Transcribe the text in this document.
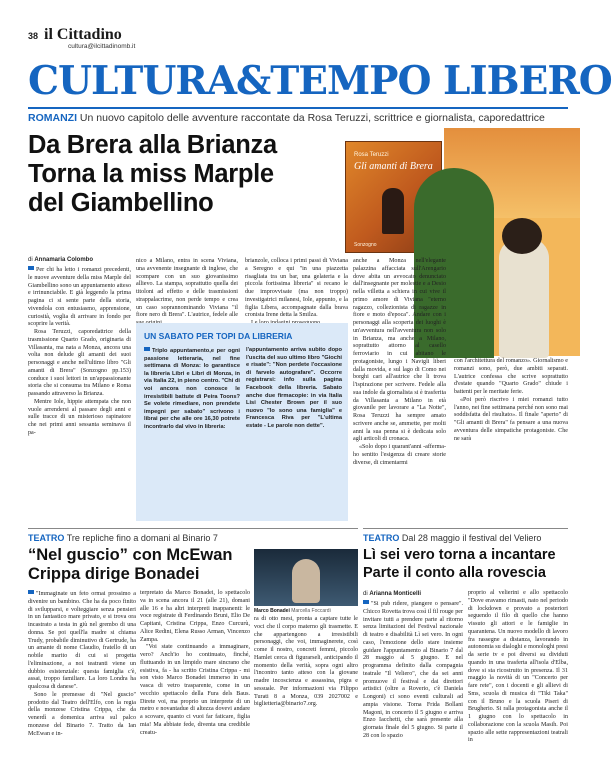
38 il Cittadino
cultura@ilcittadinomb.it
CULTURA&TEMPO LIBERO
ROMANZI Un nuovo capitolo delle avventure raccontate da Rosa Teruzzi, scrittrice e giornalista, caporedattrice
Da Brera alla Brianza
Torna la miss Marple
del Giambellino
Rosa Teruzzi
Gli amanti di Brera
Sonzogno
di Annamaria Colombo

Per chi ha letto i romanzi precedenti, le nuove avventure della miss Marple del Giambellino sono un appuntamento atteso e irrinunciabile. E già leggendo la prima pagina ci si sente parte della storia, vivendola con entusiasmo, apprensione, curiosità, voglia di arrivare in fondo per scoprire la verità.

Rosa Teruzzi, caporedattrice della trasmissione Quarto Grado, originaria di Villasanta, ma nata a Monza, ancora una volta non delude gli amanti dei suoi personaggi e anche nell'ultimo libro "Gli amanti di Brera" (Sonzogno pp.153) conduce i suoi lettori in un'appassionante storia che si consuma tra Milano e Roma passando attraverso la Brianza.

Mentre Iole, hippie attempata che non vuole arrendersi al passare degli anni e sulle tracce di un misterioso rapinatore che nei primi anni sessanta seminava il pa-

nico a Milano, entra in scena Viviana, una avvenente insegnante di inglese, che scompare con un suo giovanissimo allievo. La stampa, soprattutto quella dei titoloni ad effetto e delle trasmissioni strappalacrime, non perde tempo e crea un caso soprannominando Viviana "il fiore nero di Brera". L'autrice, fedele alle

brianzole, colloca i primi passi di Viviana a Seregno e qui "in una piazzetta risagliata tra un bar, una gelateria e la piccola fortissima libreria" si recano le due improvvisate (ma non troppo) investigatrici milanesi, Iole, appunto, e la figlia Libera, accompagnate dalla brava cronista Irene detta la Smilza.

anche a Monza nell'elegante palazzina affacciata sull'Arengario dove abita un avvocato denunciato dall'insegnante per molestie e a Desio nella villetta a schiera in cui vive il primo amore di Viviana "eterno ragazzo, collezionista di ragazze in fiore e moto d'epoca". Andare con i personaggi alla scoperta dei luoghi è un'avventura nell'avventura non solo in Brianza, ma anche a Milano, soprattutto attorno al casello ferroviario in cui abitano le protagoniste, lungo i Navigli liberi dalla movida, e sul lago di Como nei borghi cari all'autrice che li trova l'ispirazione per scrivere. Fedele alla sua indole da giornalista si è trasferita da Villasanta a Milano in età giovanile per lavorare a "La Notte", Rosa Teruzzi ha sempre amato scrivere anche se, ammette, per molti anni la sua penna si è dedicata solo agli articoli di cronaca.

«Solo dopo i quarant'anni -afferma- ho sentito l'esigenza di creare storie diverse, di cimentarmi

con l'architettura del romanzo». Giornalismo e romanzi sono, però, due ambiti separati. L'autrice confessa che scrive soprattutto d'estate quando "Quarto Grado" chiude i battenti per le meritate ferie.

«Poi però riscrivo i miei romanzi tutto l'anno, nei fine settimana perché non sono mai soddisfatta del risultato». Il finale "aperto" di "Gli amanti di Brera" fa pensare a una nuova avventura delle simpatiche protagoniste. Che ne sarà

UN SABATO PER TOPI DA LIBRERIA

Triplo appuntamento,e per ogni passione letteraria, nel fine settimana di Monza: lo garantisce la libreria Libri e Libri di Monza, in via Italia 22, in pieno centro. "Chi di voi ancora non conosce le irresistibili battute di Peira Toons? Se volete rimediare, non prendete impegni per sabato" scrivono i librai per che alle ore 16,30 potrete incontrarlo dal vivo in libreria:

l'appuntamento arriva subito dopo l'uscita del suo ultimo libro "Giochi e risate": "Non perdete l'occasione di farvelo autografare". Occorre registrarsi: info sulla pagina Facebook della libreria. Sabato anche due firmacopie: in via Italia Lisi Chester Brown per il suo nuovo "Io sono una famiglia" e Francesca Riva per "L'ultima estate - Le parole non dette".

TEATRO Tre repliche fino a domani al Binario 7
“Nel guscio” con McEwan
Crippa dirige Bonadei

"Immaginate un feto ormai prossimo a divenire un bambino. Che ha da poco finito di svilupparsi, e volteggiare senza pensieri in un fantastico mare privato, e si trova ora incastrato a testa in giù nel grembo di una donna. Se poi quell'la madre si chiama Trudy, probabile diminutivo di Gertrude, ha un amante di nome Claudio, fratello di un nobile marito di cui si progetta l'eliminazione, a noi teatranti viene un dubbio esistenziale: questa famiglia c'è, assai, troppo familiare. La loro Londra ha qualcosa di danese".

Sono le premesse di "Nel guscio" prodotto dal Teatro dell'Elfo, con la regia della monzese Cristina Crippa, che da venerdì a domenica arriva sul palco monzese del Binario 7. Tratto da Ian McEwan e in-

terpretato da Marco Bonadei, lo spettacolo va in scena ancora il 21 (alle 21), domani alle 16 e ha altri interpreti inappanenti: le voce registrate di Ferdinando Bruni, Elio De Capitani, Cristina Crippa, Enzo Curcurù, Alice Redini, Elena Russo Arman, Vincenzo Zampa.

"Voi state continuando a immaginare, vero? Anch'io ho continuato, finché, fluttuando in un limpido mare sincrano che esistiva, fa - ha scritto Cristina Crippa - mi son visto Marco Bonadei immerso in una vasca di vetro trasparente, come in un vecchio spettacolo della Fura dels Baus. Direte voi, ma proprio un interprete di un metro e novantadue di altezza dovevi andare a scovare, quanto ci vuoi far faticare, figlia mia! Ma abbiate fede, diventa una credibile creatu-

Marco Bonadei Marcella Foccardi

ra di otto mesi, pronta a captare tutte le voci che il corpo materno gli trasmette. E che appartengono a irresistibili personaggi, che voi, immaginerete, così come il nostro, concreti femmi, piccolo Hamlet cerca di figurarseli, anticipando il momento della verità, sopra ogni altro l'incontro tanto atteso con la giovane madre incoscienza e assassina, pigra e sessuale. Per informazioni via Filippo Turati 8 a Monza, 039 2027002 e biglietteria@binario7.org.

TEATRO Dal 28 maggio il festival del Veliero
Lì sei vero torna a incantare
Parte il conto alla rovescia
di Arianna Monticelli

"Si pub ridere, piangere o pensare". Chicco Rovetta trova così il fil rouge per invitare tutti a prendere parte al ritorno senza limitazioni del Festival nazionale di teatro e disabilità Lì sei vero. In ogni caso, l'emozione dello stare insieme guidare l'appuntamento al Binario 7 dal 28 maggio al 5 giugno. E nel programma definito dalla compagnia teatrale "Il Veliero", che da sei anni promuove il festival e dai direttori artistici (oltre a Roverio, c'è Daniela Longoni) ci sono eventi culturali ad ampia visione. Torna Frida Bollani Magoni, in concerto il 5 giugno e arriva Enzo Iacchetti, che sarà presente alla giornata finale del 5 giugno. Si parte il 28 con lo spazio

proprio al velierini e allo spettacolo "Dove eravamo rimasti, nato nel periodo di lockdown e provato a posteriori seguendo il filo di quello che hanno vissuto gli attori e le famiglie in quarantena. Un nuovo modello di lavoro fra rassegne a distanza, lavorando in autonomia su dialoghi e monologhi presi da serie tv e poi diversi su dividuti quando in una trasferta all'isola d'Elba, dove si sta ricostruito in presenza. Il 31 maggio la novità di un "Concerto per fare rete", con i docenti e gli allievi di Sms, scuola di musica di "Tiki Taka" con il Bruno e la scuola Piseri di Brugherio. Si ralla protagonista anche il 1 giugno con lo spettacolo in collaborazione con la scuola Masih. Poi spazio alle sette rappresentazioni teatrali in
